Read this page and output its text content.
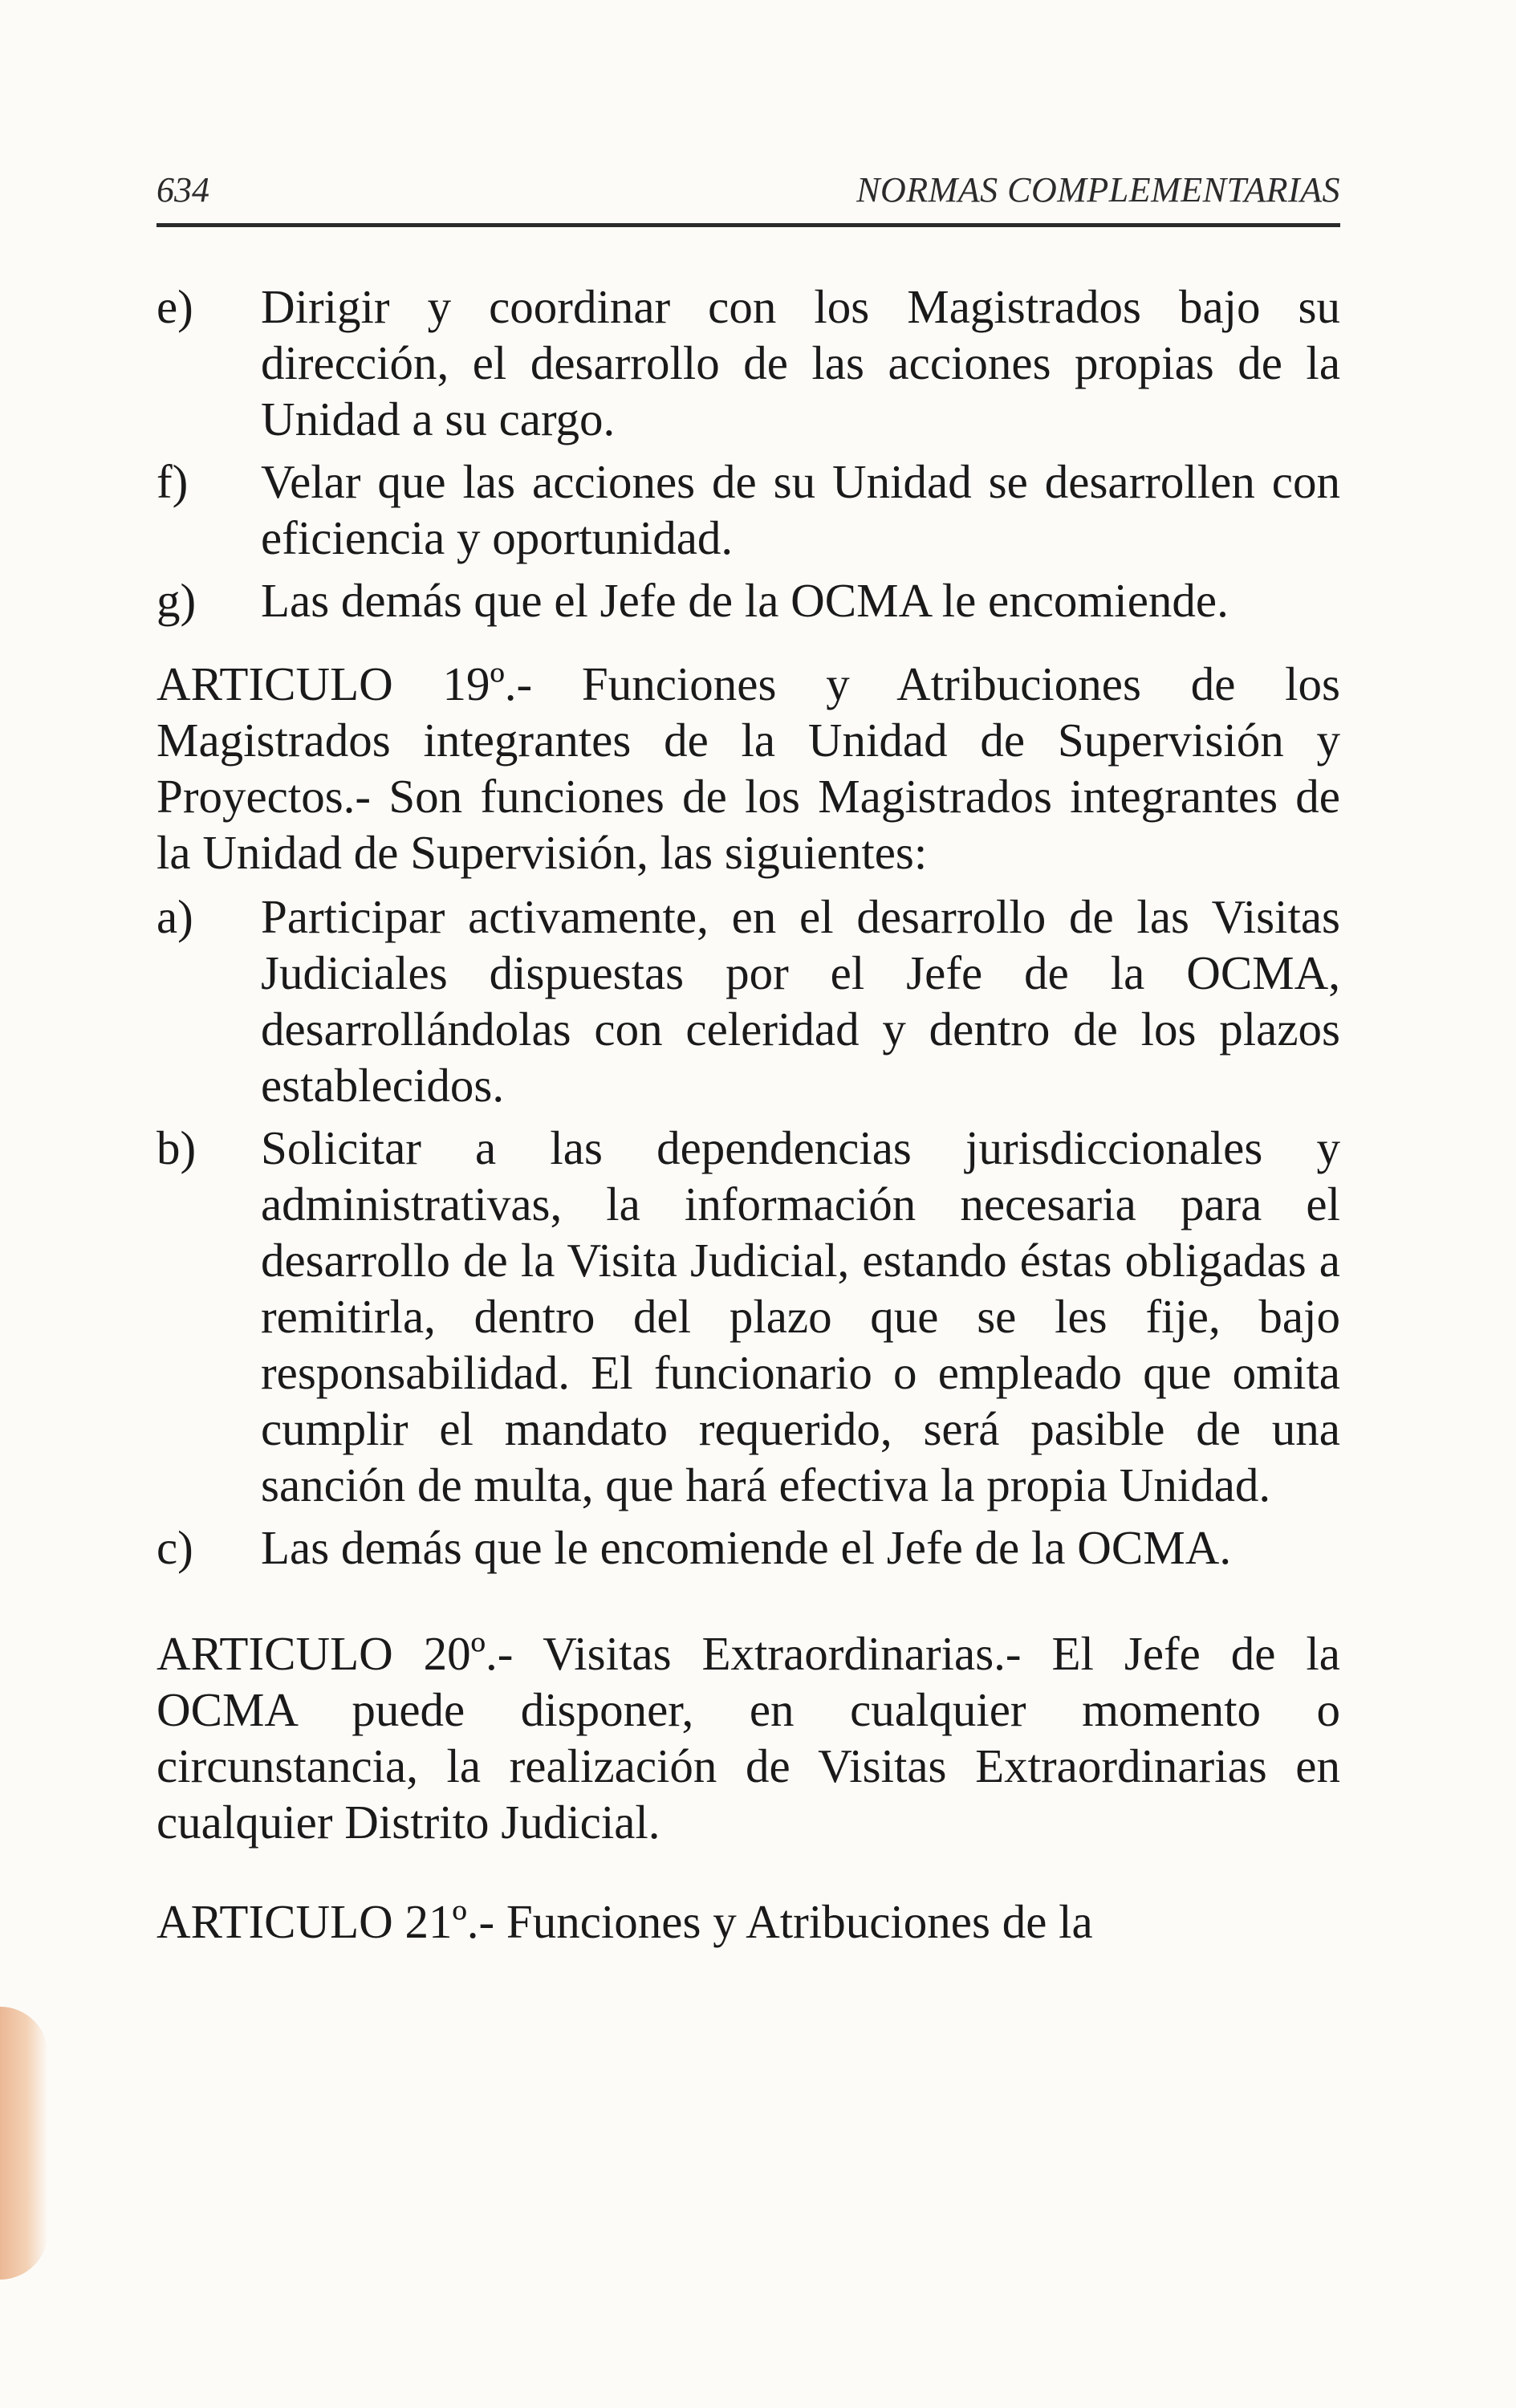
634	NORMAS COMPLEMENTARIAS
e)	Dirigir y coordinar con los Magistrados bajo su dirección, el desarrollo de las acciones propias de la Unidad a su cargo.
f)	Velar que las acciones de su Unidad se desarrollen con eficiencia y oportunidad.
g)	Las demás que el Jefe de la OCMA le encomiende.

ARTICULO 19º.- Funciones y Atribuciones de los Magistrados integrantes de la Unidad de Supervisión y Proyectos.- Son funciones de los Magistrados integrantes de la Unidad de Supervisión, las siguientes:

a)	Participar activamente, en el desarrollo de las Visitas Judiciales dispuestas por el Jefe de la OCMA, desarrollándolas con celeridad y dentro de los plazos establecidos.
b)	Solicitar a las dependencias jurisdiccionales y administrativas, la información necesaria para el desarrollo de la Visita Judicial, estando éstas obligadas a remitirla, dentro del plazo que se les fije, bajo responsabilidad. El funcionario o empleado que omita cumplir el mandato requerido, será pasible de una sanción de multa, que hará efectiva la propia Unidad.
c)	Las demás que le encomiende el Jefe de la OCMA.

ARTICULO 20º.- Visitas Extraordinarias.- El Jefe de la OCMA puede disponer, en cualquier momento o circunstancia, la realización de Visitas Extraordinarias en cualquier Distrito Judicial.

ARTICULO 21º.- Funciones y Atribuciones de la
